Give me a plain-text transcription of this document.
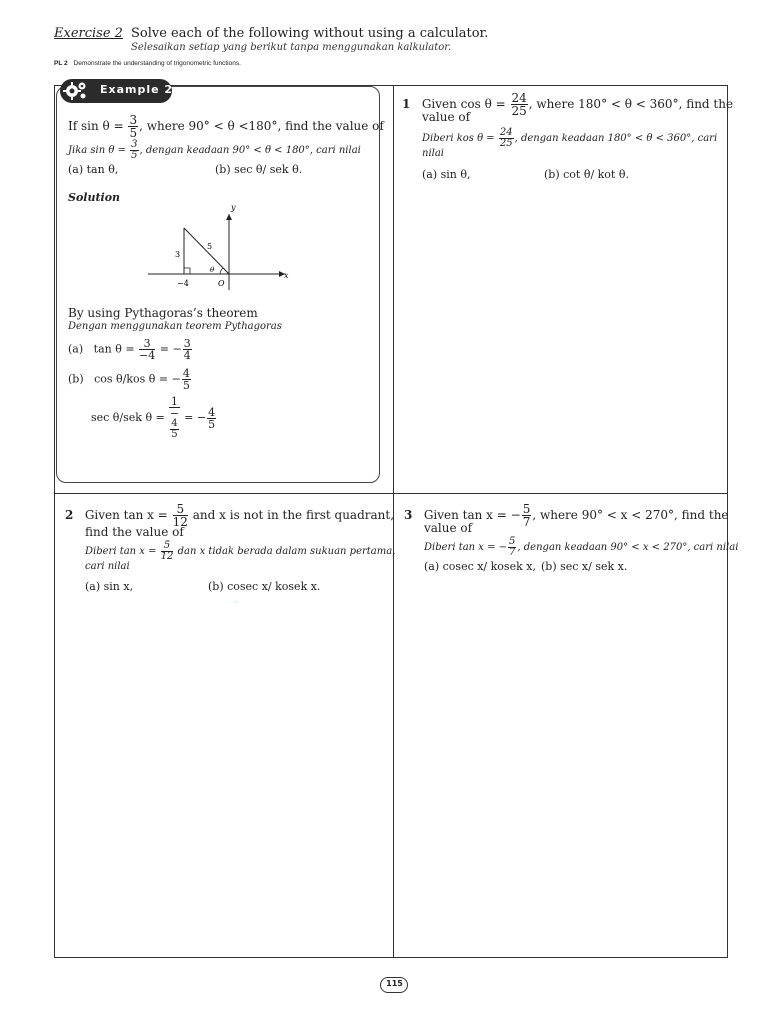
Exercise 2 Solve each of the following without using a calculator.
Selesaikan setiap yang berikut tanpa menggunakan kalkulator.
PL 2 Demonstrate the understanding of trigonometric functions.
Example 2
If $\sin \theta = \frac{3}{5}$ , where 90° < θ <180°, find the value of
Jika $\sin \theta = \frac{3}{5}$ , dengan keadaan 90° < θ < 180°, cari nilai
(a) tan θ,	(b) sec θ/ sek θ.
Solution
y
x
O
3
5
−4
θ
By using Pythagoras’s theorem
Dengan menggunakan teorem Pythagoras
(a) $\tan \theta = \frac{3}{-4}$ = − $\frac{3}{4}$
(b) cos θ/kos θ = − $\frac{4}{5}$
sec θ/sek θ = 1
−
4
5 = − $\frac{4}{5}$
1 Given $\cos \theta = \frac{24}{25}$ , where 180° < θ < 360°, find the
value of
Diberi kos $\theta = \frac{24}{25}$ , dengan keadaan 180° < θ < 360°, cari
nilai
(a) sin θ,	(b) cot θ/ kot θ.
2 Given $\tan x = \frac{5}{12}$ and x is not in the first quadrant,
find the value of
Diberi $\tan x = \frac{5}{12}$ dan x tidak berada dalam sukuan pertama,
cari nilai
(a) sin x,	(b) cosec x/ kosek x.
··
3 Given tan x = − $\frac{5}{7}$ , where 90° < x < 270°, find the
value of
Diberi tan x = − $\frac{5}{7}$ , dengan keadaan 90° < x < 270°, cari nilai
(a) cosec x/ kosek x, (b) sec x/ sek x.
115
